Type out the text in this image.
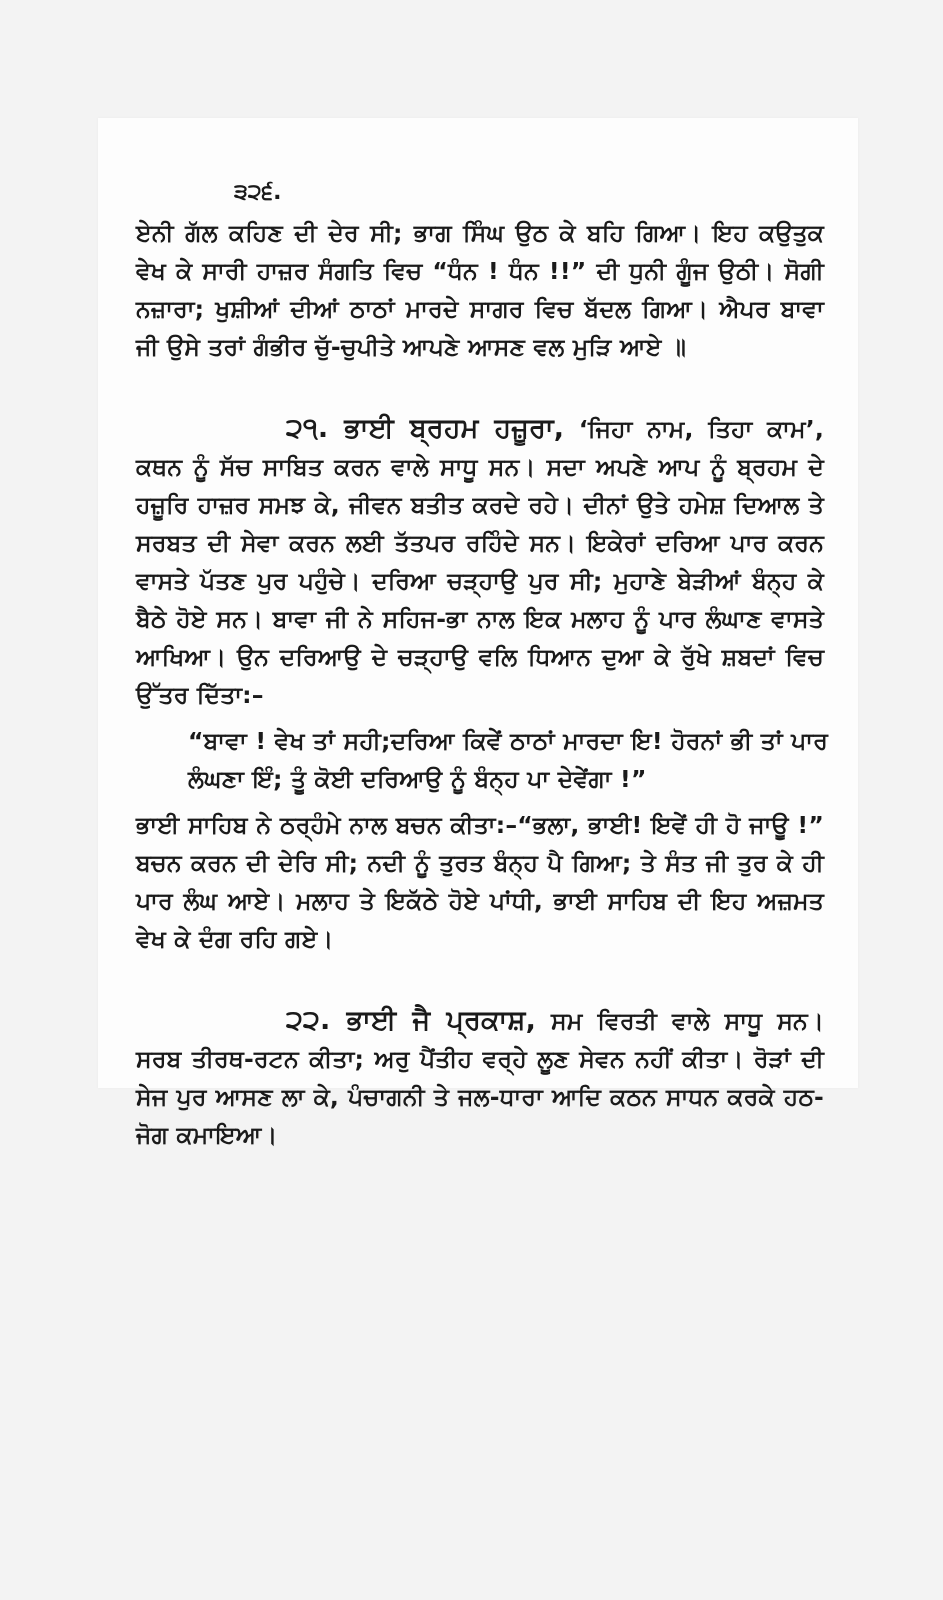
੩੨੬.

ਏਨੀ ਗੱਲ ਕਹਿਣ ਦੀ ਦੇਰ ਸੀ; ਭਾਗ ਸਿੰਘ ਉਠ ਕੇ ਬਹਿ ਗਿਆ। ਇਹ ਕਉਤੁਕ ਵੇਖ ਕੇ ਸਾਰੀ ਹਾਜ਼ਰ ਸੰਗਤਿ ਵਿਚ “ਧੰਨ ! ਧੰਨ !!” ਦੀ ਧੁਨੀ ਗੂੰਜ ਉਠੀ। ਸੋਗੀ ਨਜ਼ਾਰਾ; ਖੁਸ਼ੀਆਂ ਦੀਆਂ ਠਾਠਾਂ ਮਾਰਦੇ ਸਾਗਰ ਵਿਚ ਬੱਦਲ ਗਿਆ। ਐਪਰ ਬਾਵਾ ਜੀ ਉਸੇ ਤਰਾਂ ਗੰਭੀਰ ਚੁੱ-ਚੁਪੀਤੇ ਆਪਣੇ ਆਸਣ ਵਲ ਮੁੜਿ ਆਏ ॥

੨੧. ਭਾਈ ਬ੍ਰਹਮ ਹਜ਼ੂਰਾ, ‘ਜਿਹਾ ਨਾਮ, ਤਿਹਾ ਕਾਮ’, ਕਥਨ ਨੂੰ ਸੱਚ ਸਾਬਿਤ ਕਰਨ ਵਾਲੇ ਸਾਧੂ ਸਨ। ਸਦਾ ਅਪਣੇ ਆਪ ਨੂੰ ਬ੍ਰਹਮ ਦੇ ਹਜ਼ੂਰਿ ਹਾਜ਼ਰ ਸਮਝ ਕੇ, ਜੀਵਨ ਬਤੀਤ ਕਰਦੇ ਰਹੇ। ਦੀਨਾਂ ਉਤੇ ਹਮੇਸ਼ ਦਿਆਲ ਤੇ ਸਰਬਤ ਦੀ ਸੇਵਾ ਕਰਨ ਲਈ ਤੱਤਪਰ ਰਹਿੰਦੇ ਸਨ। ਇਕੇਰਾਂ ਦਰਿਆ ਪਾਰ ਕਰਨ ਵਾਸਤੇ ਪੱਤਣ ਪੁਰ ਪਹੁੰਚੇ। ਦਰਿਆ ਚੜ੍ਹਾਉ ਪੁਰ ਸੀ; ਮੁਹਾਣੇ ਬੇੜੀਆਂ ਬੰਨ੍ਹ ਕੇ ਬੈਠੇ ਹੋਏ ਸਨ। ਬਾਵਾ ਜੀ ਨੇ ਸਹਿਜ-ਭਾ ਨਾਲ ਇਕ ਮਲਾਹ ਨੂੰ ਪਾਰ ਲੰਘਾਣ ਵਾਸਤੇ ਆਖਿਆ। ਉਨ ਦਰਿਆਉ ਦੇ ਚੜ੍ਹਾਉ ਵਲਿ ਧਿਆਨ ਦੁਆ ਕੇ ਰੁੱਖੇ ਸ਼ਬਦਾਂ ਵਿਚ ਉੱਤਰ ਦਿੱਤਾ:–

“ਬਾਵਾ ! ਵੇਖ ਤਾਂ ਸਹੀ;ਦਰਿਆ ਕਿਵੇਂ ਠਾਠਾਂ ਮਾਰਦਾ ਇ! ਹੋਰਨਾਂ ਭੀ ਤਾਂ ਪਾਰ ਲੰਘਣਾ ਇੰ; ਤੂੰ ਕੋਈ ਦਰਿਆਉ ਨੂੰ ਬੰਨ੍ਹ ਪਾ ਦੇਵੇਂਗਾ !”

ਭਾਈ ਸਾਹਿਬ ਨੇ ਠਰ੍ਹੰਮੇ ਨਾਲ ਬਚਨ ਕੀਤਾ:–“ਭਲਾ, ਭਾਈ! ਇਵੇਂ ਹੀ ਹੋ ਜਾਊ !” ਬਚਨ ਕਰਨ ਦੀ ਦੇਰਿ ਸੀ; ਨਦੀ ਨੂੰ ਤੁਰਤ ਬੰਨ੍ਹ ਪੈ ਗਿਆ; ਤੇ ਸੰਤ ਜੀ ਤੁਰ ਕੇ ਹੀ ਪਾਰ ਲੰਘ ਆਏ। ਮਲਾਹ ਤੇ ਇਕੱਠੇ ਹੋਏ ਪਾਂਧੀ, ਭਾਈ ਸਾਹਿਬ ਦੀ ਇਹ ਅਜ਼ਮਤ ਵੇਖ ਕੇ ਦੰਗ ਰਹਿ ਗਏ।

੨੨. ਭਾਈ ਜੈ ਪ੍ਰਕਾਸ਼, ਸਮ ਵਿਰਤੀ ਵਾਲੇ ਸਾਧੂ ਸਨ। ਸਰਬ ਤੀਰਥ-ਰਟਨ ਕੀਤਾ; ਅਰੁ ਪੈਂਤੀਹ ਵਰ੍ਹੇ ਲੂਣ ਸੇਵਨ ਨਹੀਂ ਕੀਤਾ। ਰੋੜਾਂ ਦੀ ਸੇਜ ਪੁਰ ਆਸਣ ਲਾ ਕੇ, ਪੰਚਾਗਨੀ ਤੇ ਜਲ-ਧਾਰਾ ਆਦਿ ਕਠਨ ਸਾਧਨ ਕਰਕੇ ਹਠ-ਜੋਗ ਕਮਾਇਆ।
